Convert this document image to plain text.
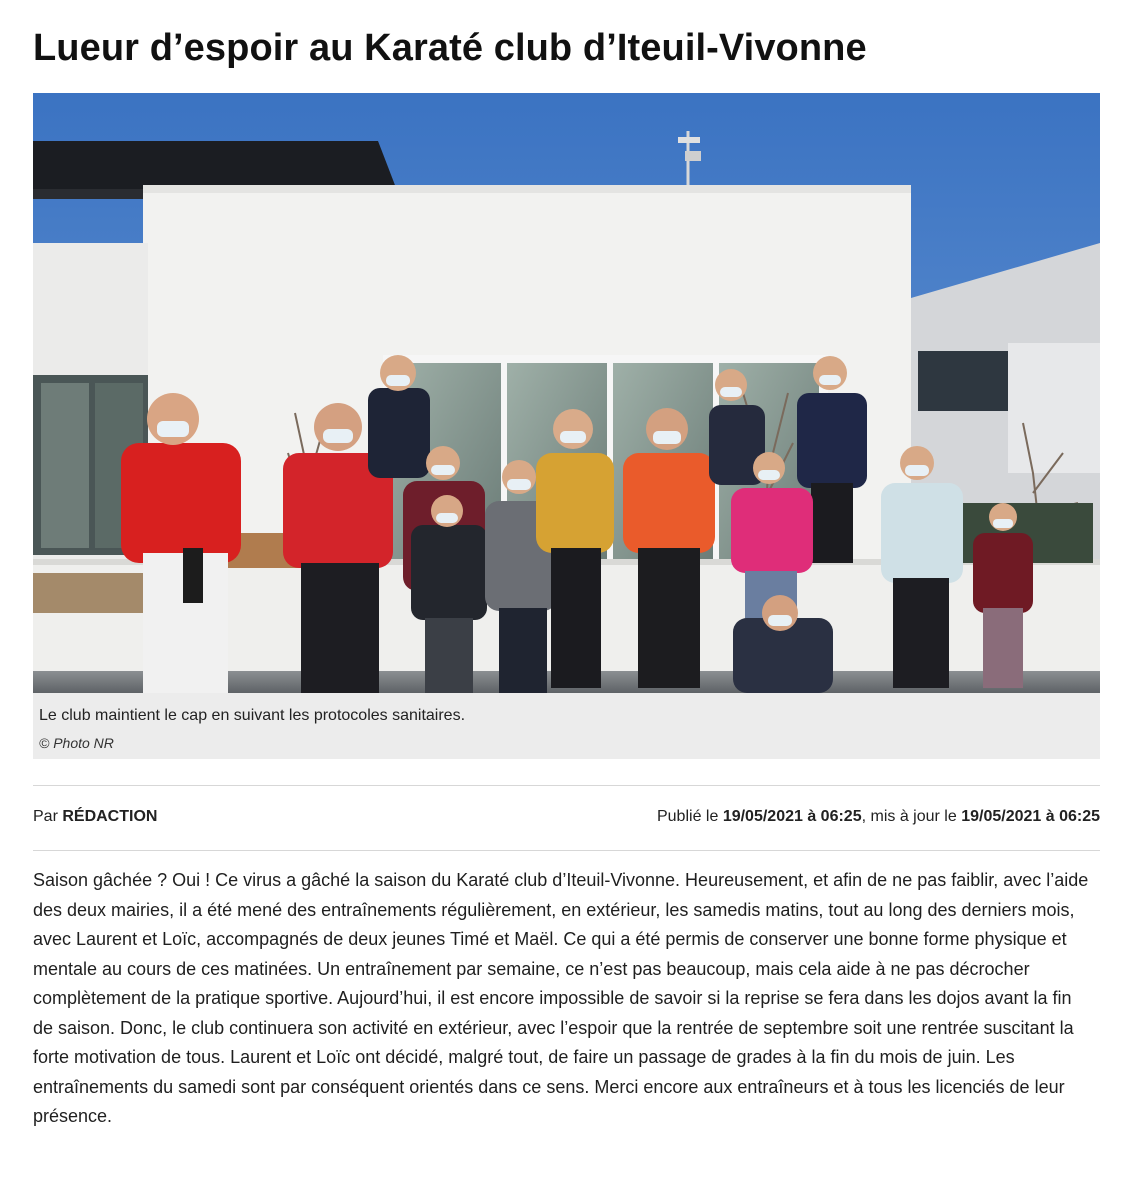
Lueur d’espoir au Karaté club d’Iteuil-Vivonne
Le club maintient le cap en suivant les protocoles sanitaires.
© Photo NR
Par RÉDACTION	Publié le 19/05/2021 à 06:25, mis à jour le 19/05/2021 à 06:25

Saison gâchée ? Oui ! Ce virus a gâché la saison du Karaté club d’Iteuil-Vivonne. Heureusement, et afin de ne pas faiblir, avec l’aide des deux mairies, il a été mené des entraînements régulièrement, en extérieur, les samedis matins, tout au long des derniers mois, avec Laurent et Loïc, accompagnés de deux jeunes Timé et Maël. Ce qui a été permis de conserver une bonne forme physique et mentale au cours de ces matinées. Un entraînement par semaine, ce n’est pas beaucoup, mais cela aide à ne pas décrocher complètement de la pratique sportive. Aujourd’hui, il est encore impossible de savoir si la reprise se fera dans les dojos avant la fin de saison. Donc, le club continuera son activité en extérieur, avec l’espoir que la rentrée de septembre soit une rentrée suscitant la forte motivation de tous. Laurent et Loïc ont décidé, malgré tout, de faire un passage de grades à la fin du mois de juin. Les entraînements du samedi sont par conséquent orientés dans ce sens. Merci encore aux entraîneurs et à tous les licenciés de leur présence.
